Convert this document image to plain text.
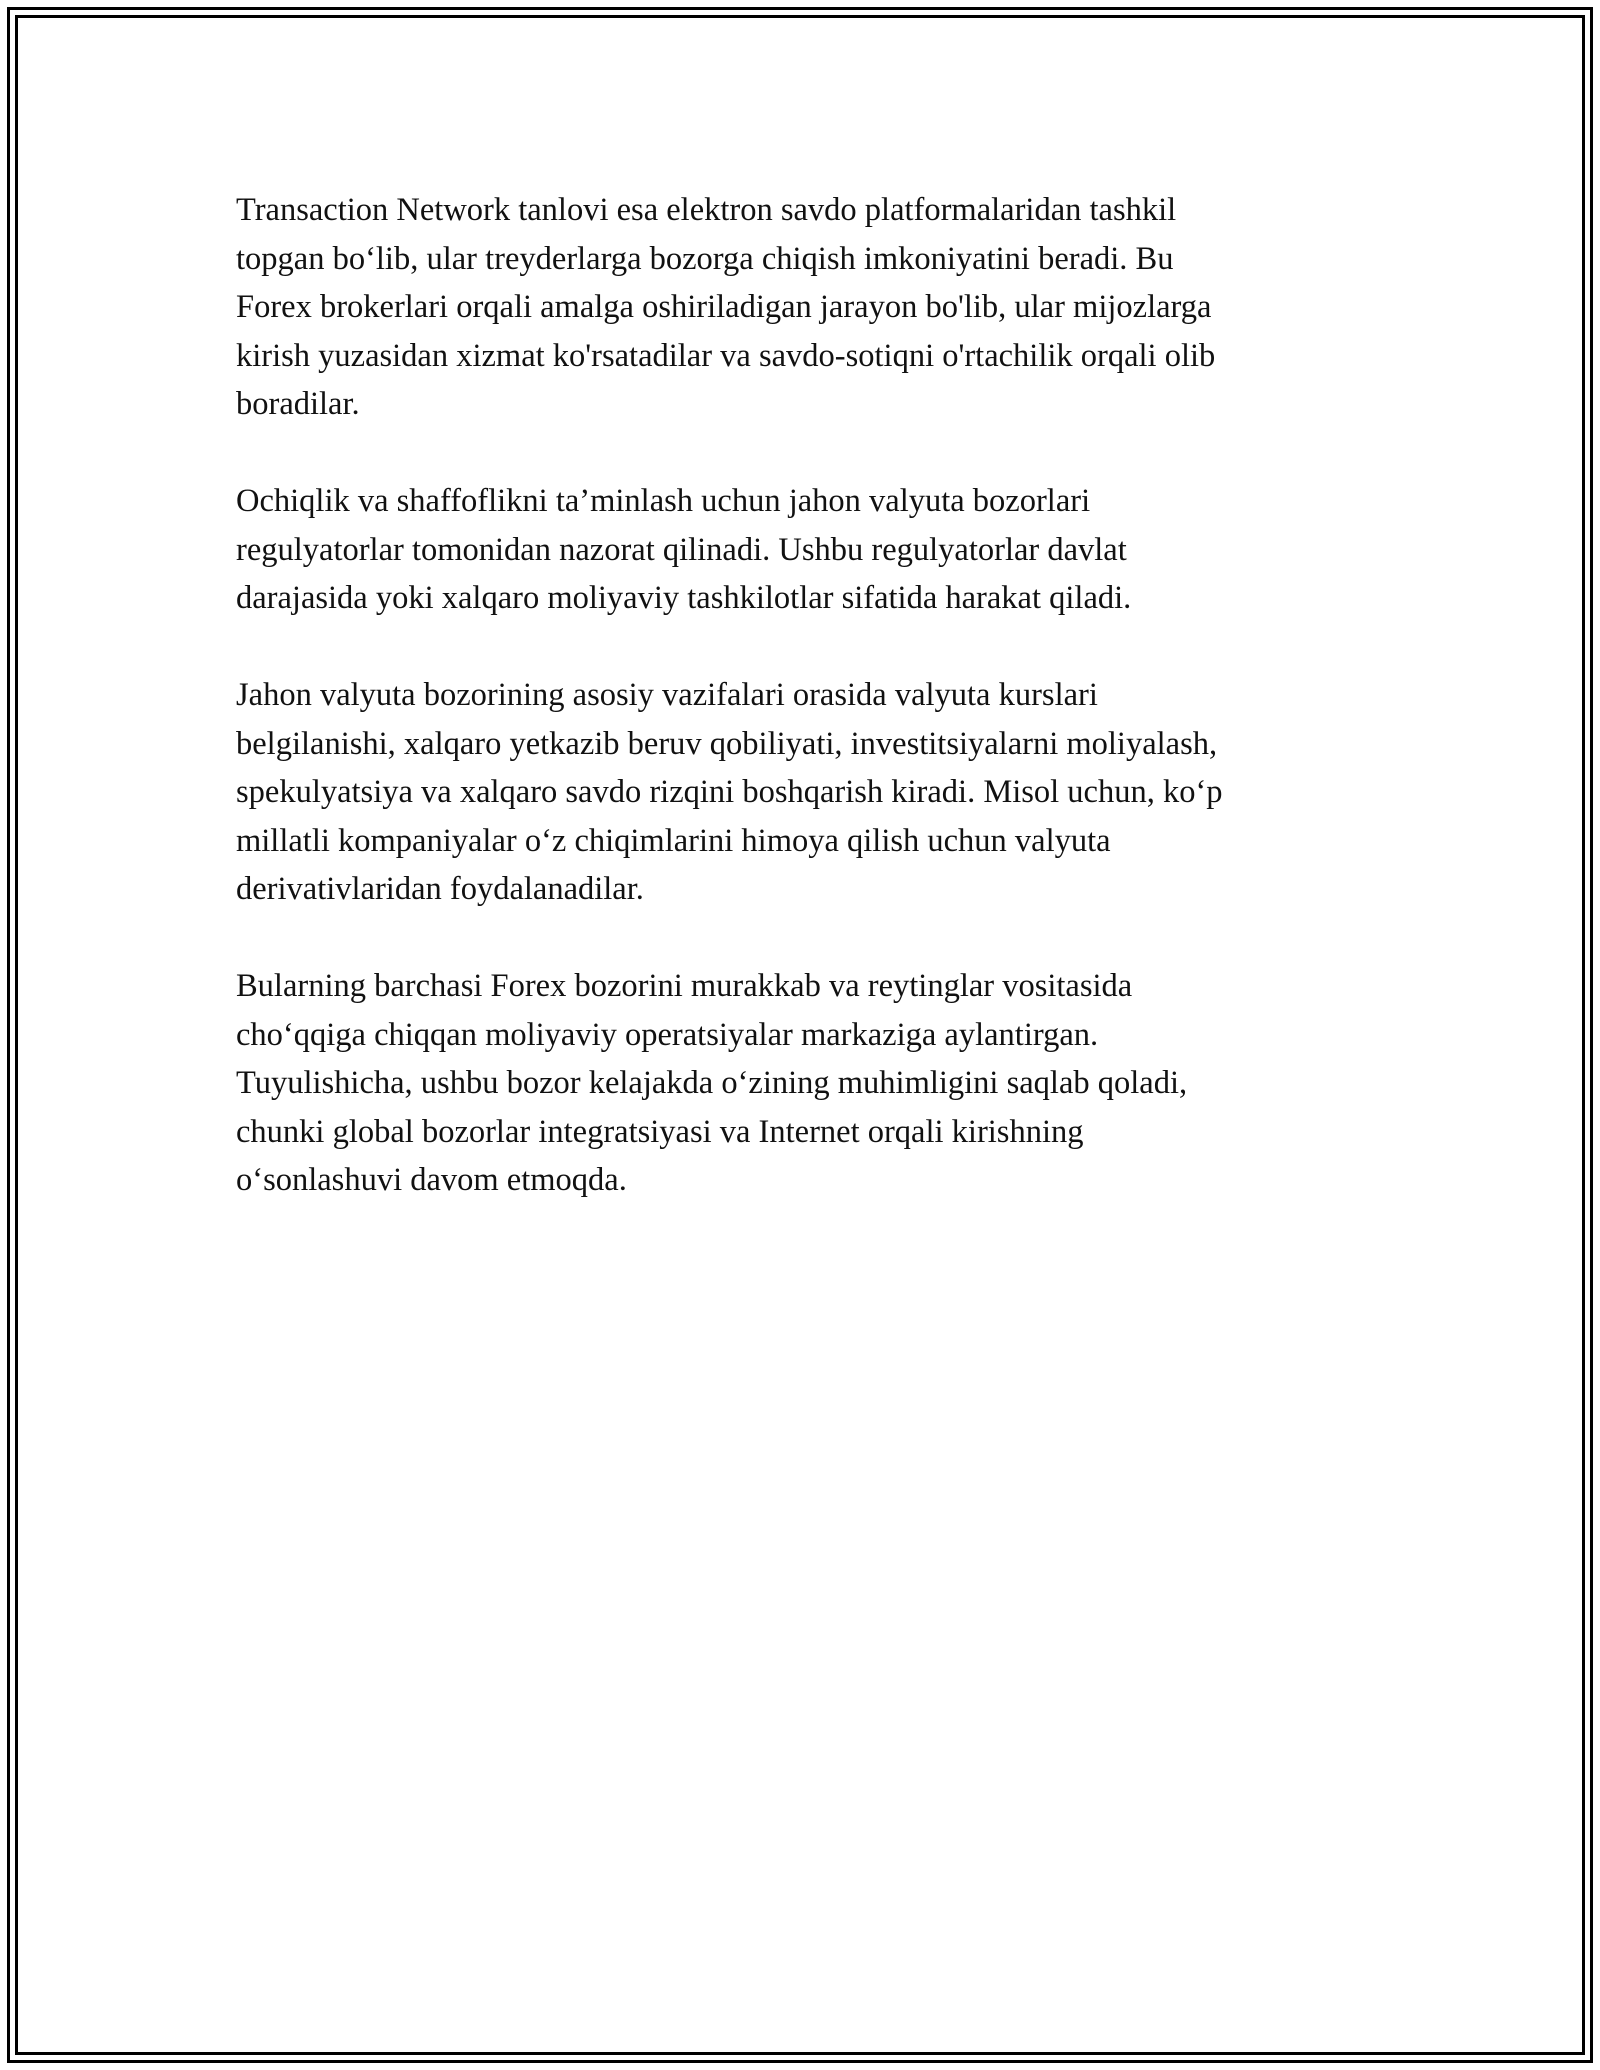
Transaction Network tanlovi esa elektron savdo platformalaridan tashkil
topgan bo‘lib, ular treyderlarga bozorga chiqish imkoniyatini beradi. Bu
Forex brokerlari orqali amalga oshiriladigan jarayon bo'lib, ular mijozlarga
kirish yuzasidan xizmat ko'rsatadilar va savdo-sotiqni o'rtachilik orqali olib
boradilar.

Ochiqlik va shaffoflikni ta’minlash uchun jahon valyuta bozorlari
regulyatorlar tomonidan nazorat qilinadi. Ushbu regulyatorlar davlat
darajasida yoki xalqaro moliyaviy tashkilotlar sifatida harakat qiladi.

Jahon valyuta bozorining asosiy vazifalari orasida valyuta kurslari
belgilanishi, xalqaro yetkazib beruv qobiliyati, investitsiyalarni moliyalash,
spekulyatsiya va xalqaro savdo rizqini boshqarish kiradi. Misol uchun, ko‘p
millatli kompaniyalar o‘z chiqimlarini himoya qilish uchun valyuta
derivativlaridan foydalanadilar.

Bularning barchasi Forex bozorini murakkab va reytinglar vositasida
cho‘qqiga chiqqan moliyaviy operatsiyalar markaziga aylantirgan.
Tuyulishicha, ushbu bozor kelajakda o‘zining muhimligini saqlab qoladi,
chunki global bozorlar integratsiyasi va Internet orqali kirishning
o‘sonlashuvi davom etmoqda.
